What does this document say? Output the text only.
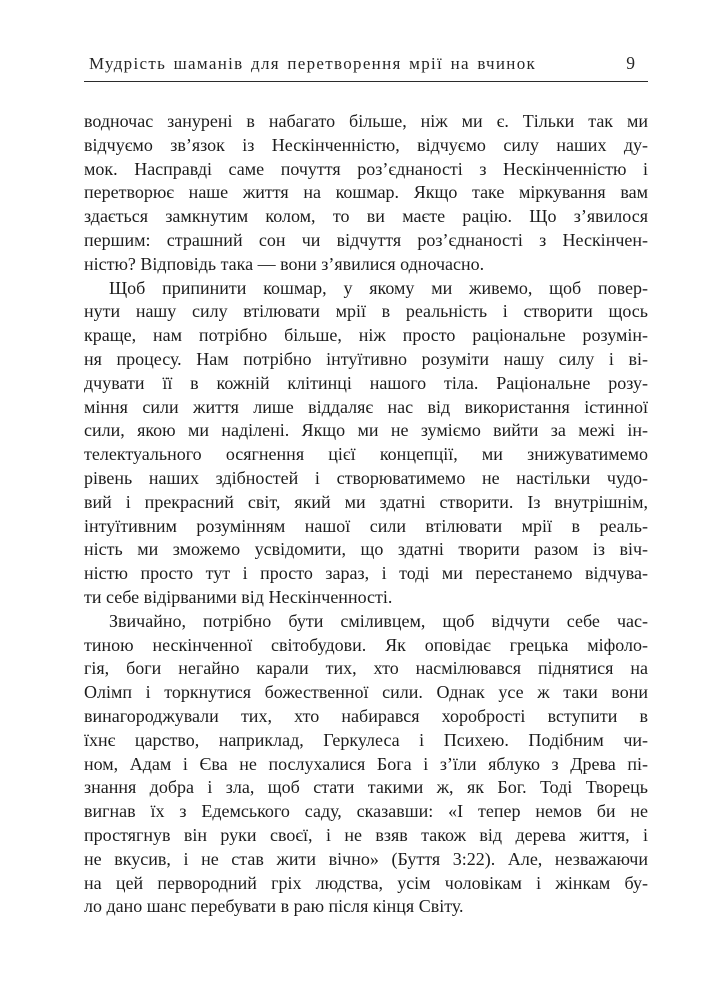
Мудрість шаманів для перетворення мрії на вчинок	9
водночас занурені в набагато більше, ніж ми є. Тільки так ми
відчуємо зв’язок із Нескінченністю, відчуємо силу наших ду-
мок. Насправді саме почуття роз’єднаності з Нескінченністю і
перетворює наше життя на кошмар. Якщо таке міркування вам
здається замкнутим колом, то ви маєте рацію. Що з’явилося
першим: страшний сон чи відчуття роз’єднаності з Нескінчен-
ністю? Відповідь така — вони з’явилися одночасно.
Щоб припинити кошмар, у якому ми живемо, щоб повер-
нути нашу силу втілювати мрії в реальність і створити щось
краще, нам потрібно більше, ніж просто раціональне розумін-
ня процесу. Нам потрібно інтуїтивно розуміти нашу силу і ві-
дчувати її в кожній клітинці нашого тіла. Раціональне розу-
міння сили життя лише віддаляє нас від використання істинної
сили, якою ми наділені. Якщо ми не зуміємо вийти за межі ін-
телектуального осягнення цієї концепції, ми знижуватимемо
рівень наших здібностей і створюватимемо не настільки чудо-
вий і прекрасний світ, який ми здатні створити. Із внутрішнім,
інтуїтивним розумінням нашої сили втілювати мрії в реаль-
ність ми зможемо усвідомити, що здатні творити разом із віч-
ністю просто тут і просто зараз, і тоді ми перестанемо відчува-
ти себе відірваними від Нескінченності.
Звичайно, потрібно бути сміливцем, щоб відчути себе час-
тиною нескінченної світобудови. Як оповідає грецька міфоло-
гія, боги негайно карали тих, хто насмілювався піднятися на
Олімп і торкнутися божественної сили. Однак усе ж таки вони
винагороджували тих, хто набирався хоробрості вступити в
їхнє царство, наприклад, Геркулеса і Психею. Подібним чи-
ном, Адам і Єва не послухалися Бога і з’їли яблуко з Древа пі-
знання добра і зла, щоб стати такими ж, як Бог. Тоді Творець
вигнав їх з Едемського саду, сказавши: «І тепер немов би не
простягнув він руки своєї, і не взяв також від дерева життя, і
не вкусив, і не став жити вічно» (Буття 3:22). Але, незважаючи
на цей первородний гріх людства, усім чоловікам і жінкам бу-
ло дано шанс перебувати в раю після кінця Світу.
